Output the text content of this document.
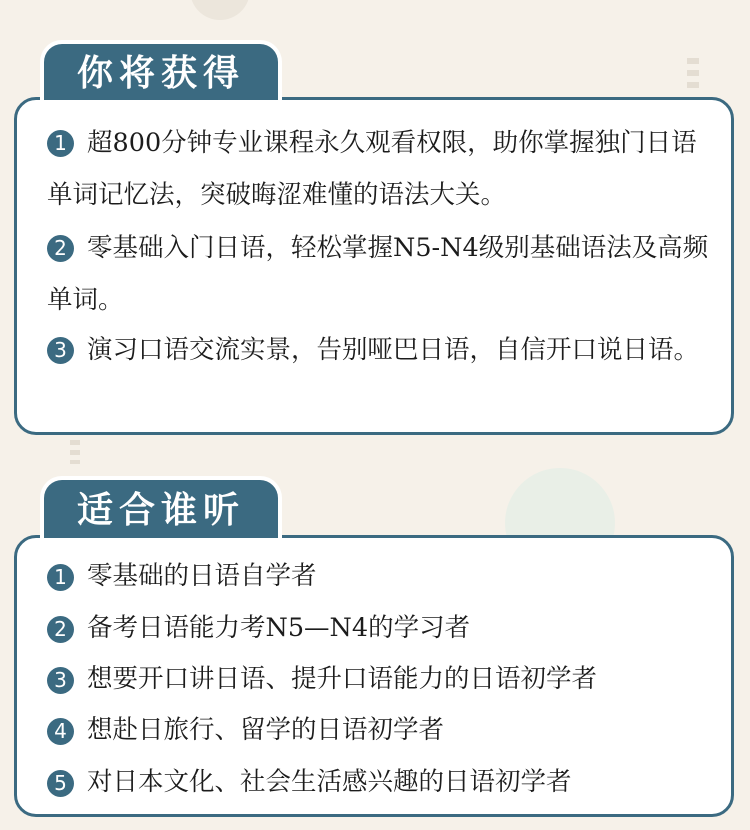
你将获得
1 超800分钟专业课程永久观看权限，助你掌握独门日语单词记忆法，突破晦涩难懂的语法大关。
2 零基础入门日语，轻松掌握N5-N4级别基础语法及高频单词。
3 演习口语交流实景，告别哑巴日语，自信开口说日语。
适合谁听
1 零基础的日语自学者
2 备考日语能力考N5—N4的学习者
3 想要开口讲日语、提升口语能力的日语初学者
4 想赴日旅行、留学的日语初学者
5 对日本文化、社会生活感兴趣的日语初学者
